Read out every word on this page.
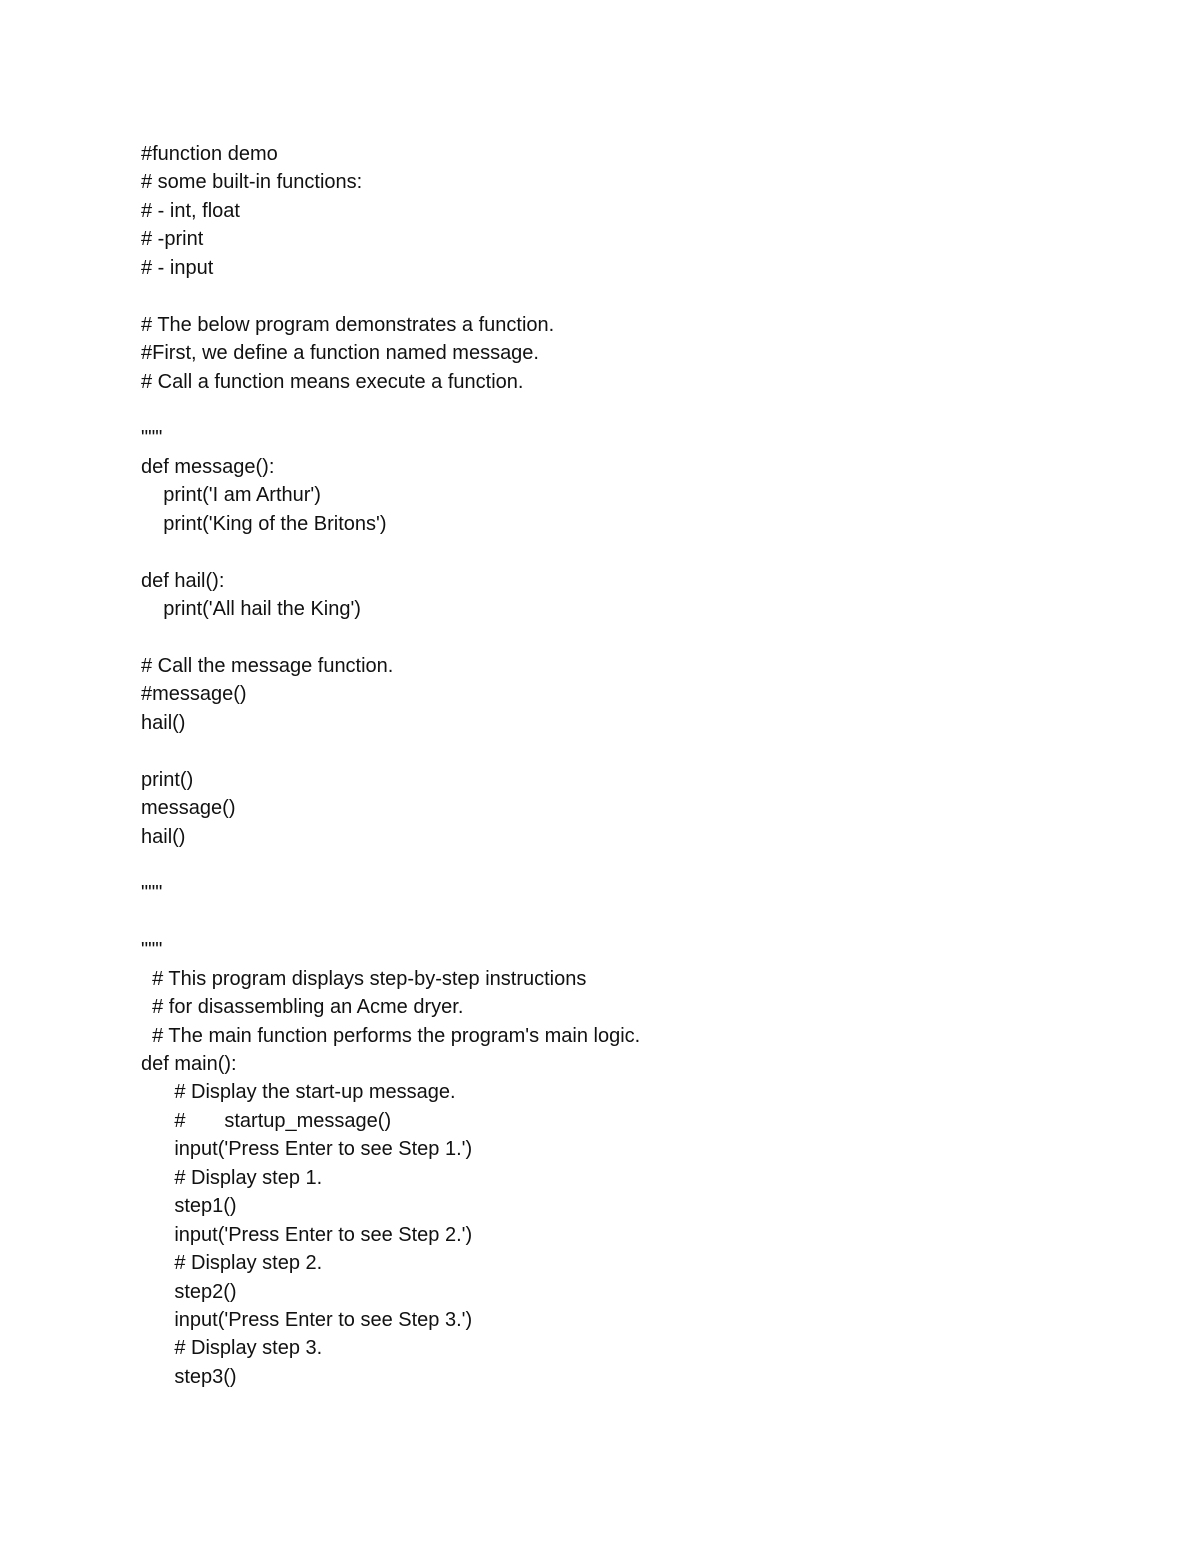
#function demo
# some built-in functions:
# - int, float
# -print
# - input
# The below program demonstrates a function.
#First, we define a function named message.
# Call a function means execute a function.
"""
def message():
print('I am Arthur')
print('King of the Britons')
def hail():
print('All hail the King')
# Call the message function.
#message()
hail()
print()
message()
hail()
"""
"""
# This program displays step-by-step instructions
# for disassembling an Acme dryer.
# The main function performs the program's main logic.
def main():
# Display the start-up message.
#       startup_message()
input('Press Enter to see Step 1.')
# Display step 1.
step1()
input('Press Enter to see Step 2.')
# Display step 2.
step2()
input('Press Enter to see Step 3.')
# Display step 3.
step3()
